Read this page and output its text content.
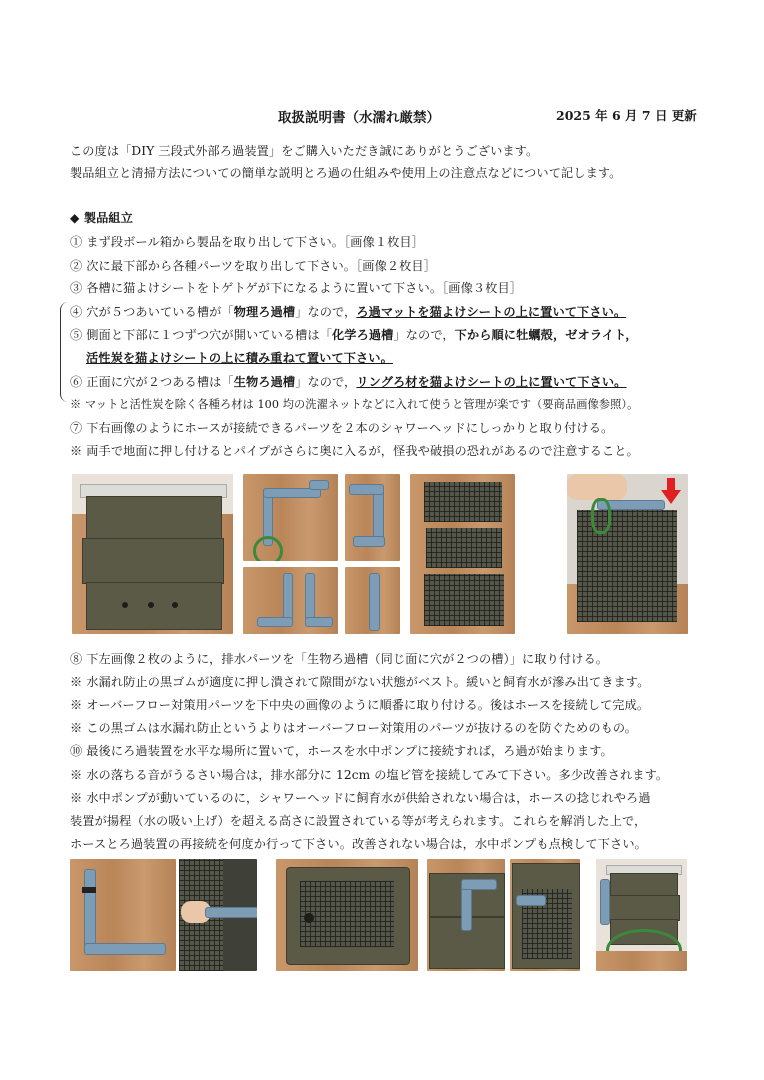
取扱説明書（水濡れ厳禁）	2025 年 6 月 7 日 更新
この度は「DIY 三段式外部ろ過装置」をご購入いただき誠にありがとうございます。
製品組立と清掃方法についての簡単な説明とろ過の仕組みや使用上の注意点などについて記します。
◆ 製品組立
① まず段ボール箱から製品を取り出して下さい。［画像１枚目］
② 次に最下部から各種パーツを取り出して下さい。［画像２枚目］
③ 各槽に猫よけシートをトゲトゲが下になるように置いて下さい。［画像３枚目］
④ 穴が５つあいている槽が「物理ろ過槽」なので，ろ過マットを猫よけシートの上に置いて下さい。
⑤ 側面と下部に１つずつ穴が開いている槽は「化学ろ過槽」なので，下から順に牡蠣殻，ゼオライト，
活性炭を猫よけシートの上に積み重ねて置いて下さい。
⑥ 正面に穴が２つある槽は「生物ろ過槽」なので，リングろ材を猫よけシートの上に置いて下さい。
※ マットと活性炭を除く各種ろ材は 100 均の洗濯ネットなどに入れて使うと管理が楽です（要商品画像参照）。
⑦ 下右画像のようにホースが接続できるパーツを２本のシャワーヘッドにしっかりと取り付ける。
※ 両手で地面に押し付けるとパイプがさらに奥に入るが，怪我や破損の恐れがあるので注意すること。
⑧ 下左画像２枚のように，排水パーツを「生物ろ過槽（同じ面に穴が２つの槽）」に取り付ける。
※ 水漏れ防止の黒ゴムが適度に押し潰されて隙間がない状態がベスト。緩いと飼育水が滲み出てきます。
※ オーバーフロー対策用パーツを下中央の画像のように順番に取り付ける。後はホースを接続して完成。
※ この黒ゴムは水漏れ防止というよりはオーバーフロー対策用のパーツが抜けるのを防ぐためのもの。
⑩ 最後にろ過装置を水平な場所に置いて，ホースを水中ポンプに接続すれば，ろ過が始まります。
※ 水の落ちる音がうるさい場合は，排水部分に 12cm の塩ビ管を接続してみて下さい。多少改善されます。
※ 水中ポンプが動いているのに，シャワーヘッドに飼育水が供給されない場合は，ホースの捻じれやろ過
装置が揚程（水の吸い上げ）を超える高さに設置されている等が考えられます。これらを解消した上で，
ホースとろ過装置の再接続を何度か行って下さい。改善されない場合は，水中ポンプも点検して下さい。
